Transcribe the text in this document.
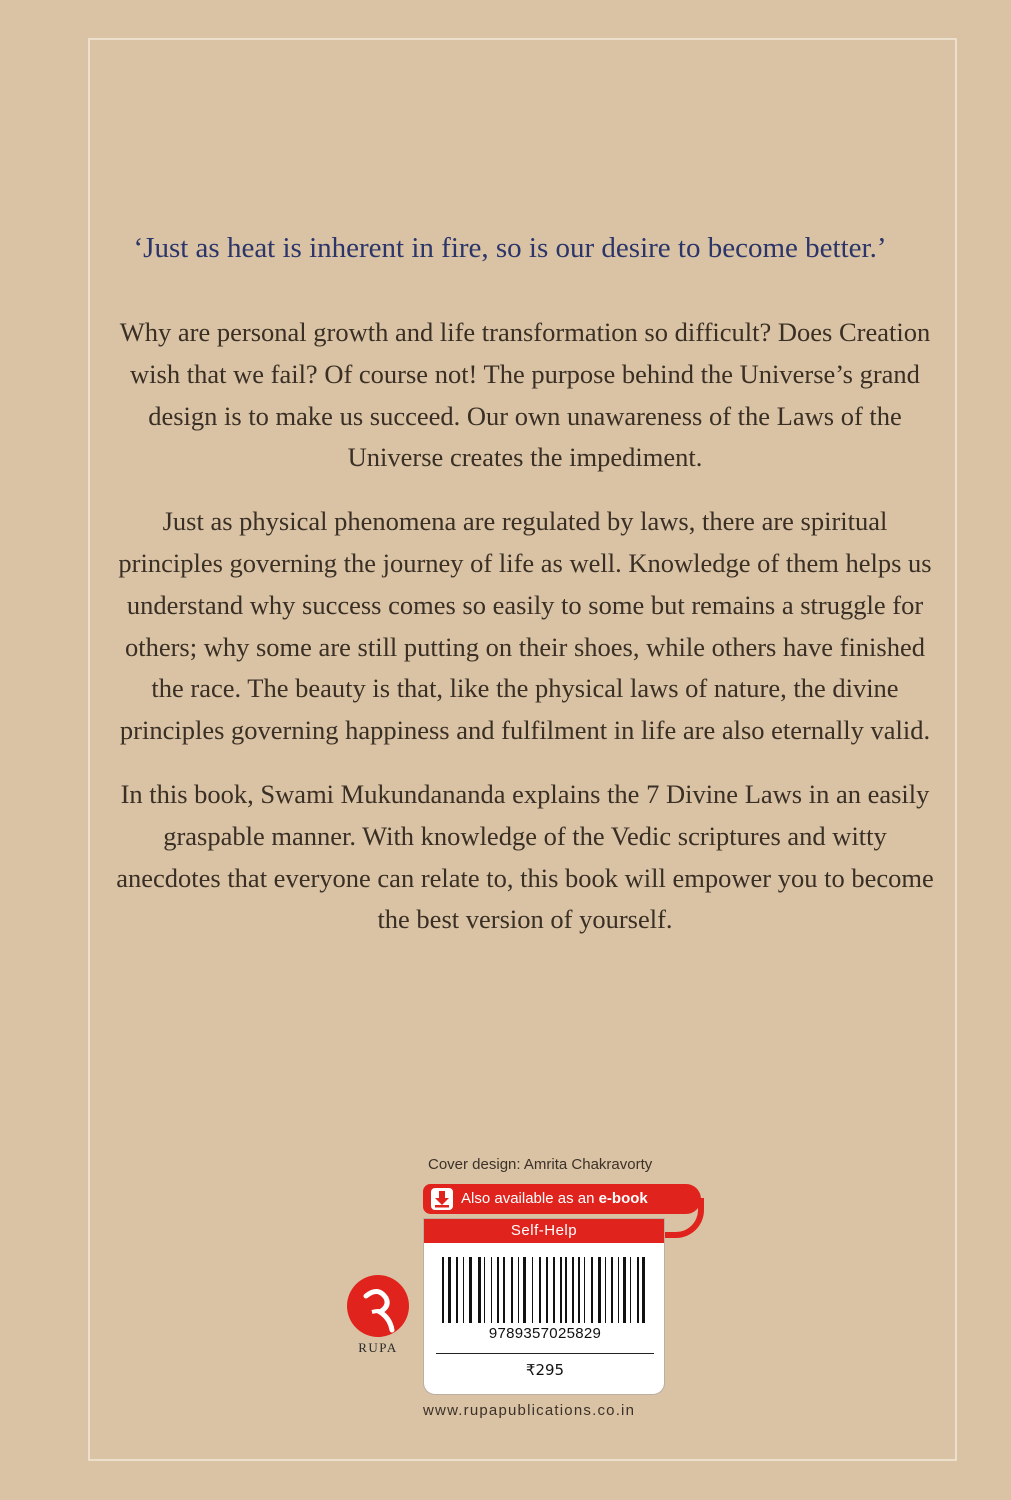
‘Just as heat is inherent in fire, so is our desire to become better.’

Why are personal growth and life transformation so difficult? Does Creation wish that we fail? Of course not! The purpose behind the Universe’s grand design is to make us succeed. Our own unawareness of the Laws of the Universe creates the impediment.

Just as physical phenomena are regulated by laws, there are spiritual principles governing the journey of life as well. Knowledge of them helps us understand why success comes so easily to some but remains a struggle for others; why some are still putting on their shoes, while others have finished the race. The beauty is that, like the physical laws of nature, the divine principles governing happiness and fulfilment in life are also eternally valid.

In this book, Swami Mukundananda explains the 7 Divine Laws in an easily graspable manner. With knowledge of the Vedic scriptures and witty anecdotes that everyone can relate to, this book will empower you to become the best version of yourself.

Cover design: Amrita Chakravorty
Also available as an e-book
Self-Help
9789357025829
₹295
RUPA
www.rupapublications.co.in
